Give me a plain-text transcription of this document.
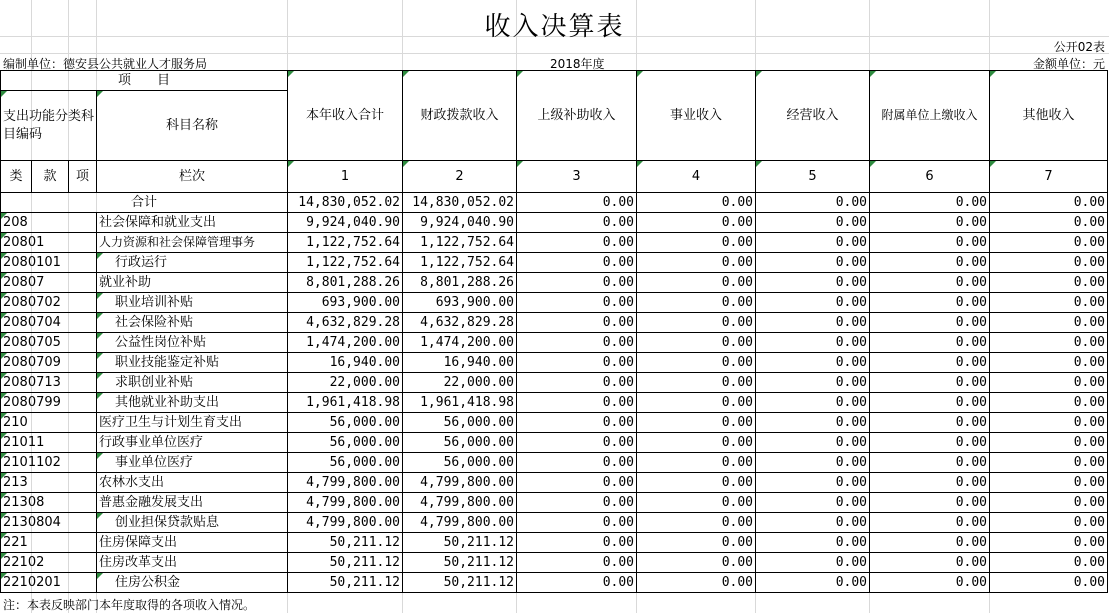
收入决算表
公开02表
编制单位：德安县公共就业人才服务局	2018年度	金额单位：元
项　　目				本年收入合计	财政拨款收入	上级补助收入	事业收入	经营收入	附属单位上缴收入	其他收入
支出功能分类科目编码			科目名称							
类	款	项	栏次	1	2	3	4	5	6	7
合计				14,830,052.02	14,830,052.02	0.00	0.00	0.00	0.00	0.00
208			社会保障和就业支出	9,924,040.90	9,924,040.90	0.00	0.00	0.00	0.00	0.00
20801			人力资源和社会保障管理事务	1,122,752.64	1,122,752.64	0.00	0.00	0.00	0.00	0.00
2080101			行政运行	1,122,752.64	1,122,752.64	0.00	0.00	0.00	0.00	0.00
20807			就业补助	8,801,288.26	8,801,288.26	0.00	0.00	0.00	0.00	0.00
2080702			职业培训补贴	693,900.00	693,900.00	0.00	0.00	0.00	0.00	0.00
2080704			社会保险补贴	4,632,829.28	4,632,829.28	0.00	0.00	0.00	0.00	0.00
2080705			公益性岗位补贴	1,474,200.00	1,474,200.00	0.00	0.00	0.00	0.00	0.00
2080709			职业技能鉴定补贴	16,940.00	16,940.00	0.00	0.00	0.00	0.00	0.00
2080713			求职创业补贴	22,000.00	22,000.00	0.00	0.00	0.00	0.00	0.00
2080799			其他就业补助支出	1,961,418.98	1,961,418.98	0.00	0.00	0.00	0.00	0.00
210			医疗卫生与计划生育支出	56,000.00	56,000.00	0.00	0.00	0.00	0.00	0.00
21011			行政事业单位医疗	56,000.00	56,000.00	0.00	0.00	0.00	0.00	0.00
2101102			事业单位医疗	56,000.00	56,000.00	0.00	0.00	0.00	0.00	0.00
213			农林水支出	4,799,800.00	4,799,800.00	0.00	0.00	0.00	0.00	0.00
21308			普惠金融发展支出	4,799,800.00	4,799,800.00	0.00	0.00	0.00	0.00	0.00
2130804			创业担保贷款贴息	4,799,800.00	4,799,800.00	0.00	0.00	0.00	0.00	0.00
221			住房保障支出	50,211.12	50,211.12	0.00	0.00	0.00	0.00	0.00
22102			住房改革支出	50,211.12	50,211.12	0.00	0.00	0.00	0.00	0.00
2210201			住房公积金	50,211.12	50,211.12	0.00	0.00	0.00	0.00	0.00
注：本表反映部门本年度取得的各项收入情况。
